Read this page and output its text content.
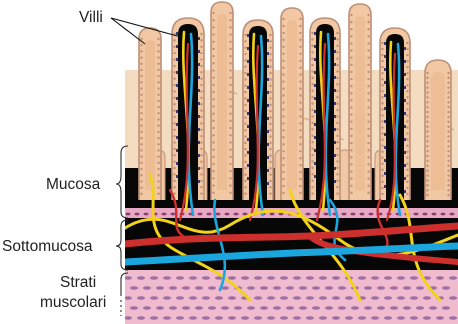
Villi
Mucosa
Sottomucosa
Strati
muscolari
